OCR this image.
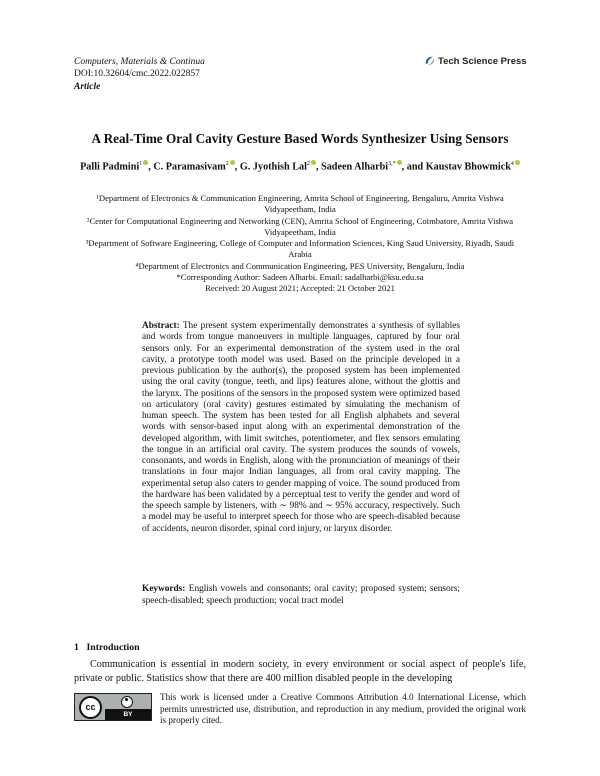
Computers, Materials & Continua
DOI:10.32604/cmc.2022.022857
Article
Tech Science Press
A Real-Time Oral Cavity Gesture Based Words Synthesizer Using Sensors
Palli Padmini$^1$ , C. Paramasivam$^2$ , G. Jyothish Lal$^2$ , Sadeen Alharbi$^{3,*}$ , and Kaustav Bhowmick$^4$
¹Department of Electronics & Communication Engineering, Amrita School of Engineering, Bengaluru, Amrita Vishwa Vidyapeetham, India
²Center for Computational Engineering and Networking (CEN), Amrita School of Engineering, Coimbatore, Amrita Vishwa Vidyapeetham, India
³Department of Software Engineering, College of Computer and Information Sciences, King Saud University, Riyadh, Saudi Arabia
⁴Department of Electronics and Communication Engineering, PES University, Bengaluru, India
*Corresponding Author: Sadeen Alharbi. Email: sadalharbi@ksu.edu.sa
Received: 20 August 2021; Accepted: 21 October 2021
Abstract: The present system experimentally demonstrates a synthesis of syllables and words from tongue manoeuvers in multiple languages, captured by four oral sensors only. For an experimental demonstration of the system used in the oral cavity, a prototype tooth model was used. Based on the principle developed in a previous publication by the author(s), the proposed system has been implemented using the oral cavity (tongue, teeth, and lips) features alone, without the glottis and the larynx. The positions of the sensors in the proposed system were optimized based on articulatory (oral cavity) gestures estimated by simulating the mechanism of human speech. The system has been tested for all English alphabets and several words with sensor-based input along with an experimental demonstration of the developed algorithm, with limit switches, potentiometer, and flex sensors emulating the tongue in an artificial oral cavity. The system produces the sounds of vowels, consonants, and words in English, along with the pronunciation of meanings of their translations in four major Indian languages, all from oral cavity mapping. The experimental setup also caters to gender mapping of voice. The sound produced from the hardware has been validated by a perceptual test to verify the gender and word of the speech sample by listeners, with ∼ 98% and ∼ 95% accuracy, respectively. Such a model may be useful to interpret speech for those who are speech-disabled because of accidents, neuron disorder, spinal cord injury, or larynx disorder.
Keywords: English vowels and consonants; oral cavity; proposed system; sensors; speech-disabled; speech production; vocal tract model
1 Introduction
Communication is essential in modern society, in every environment or social aspect of people's life, private or public. Statistics show that there are 400 million disabled people in the developing
cc
BY
This work is licensed under a Creative Commons Attribution 4.0 International License, which permits unrestricted use, distribution, and reproduction in any medium, provided the original work is properly cited.
